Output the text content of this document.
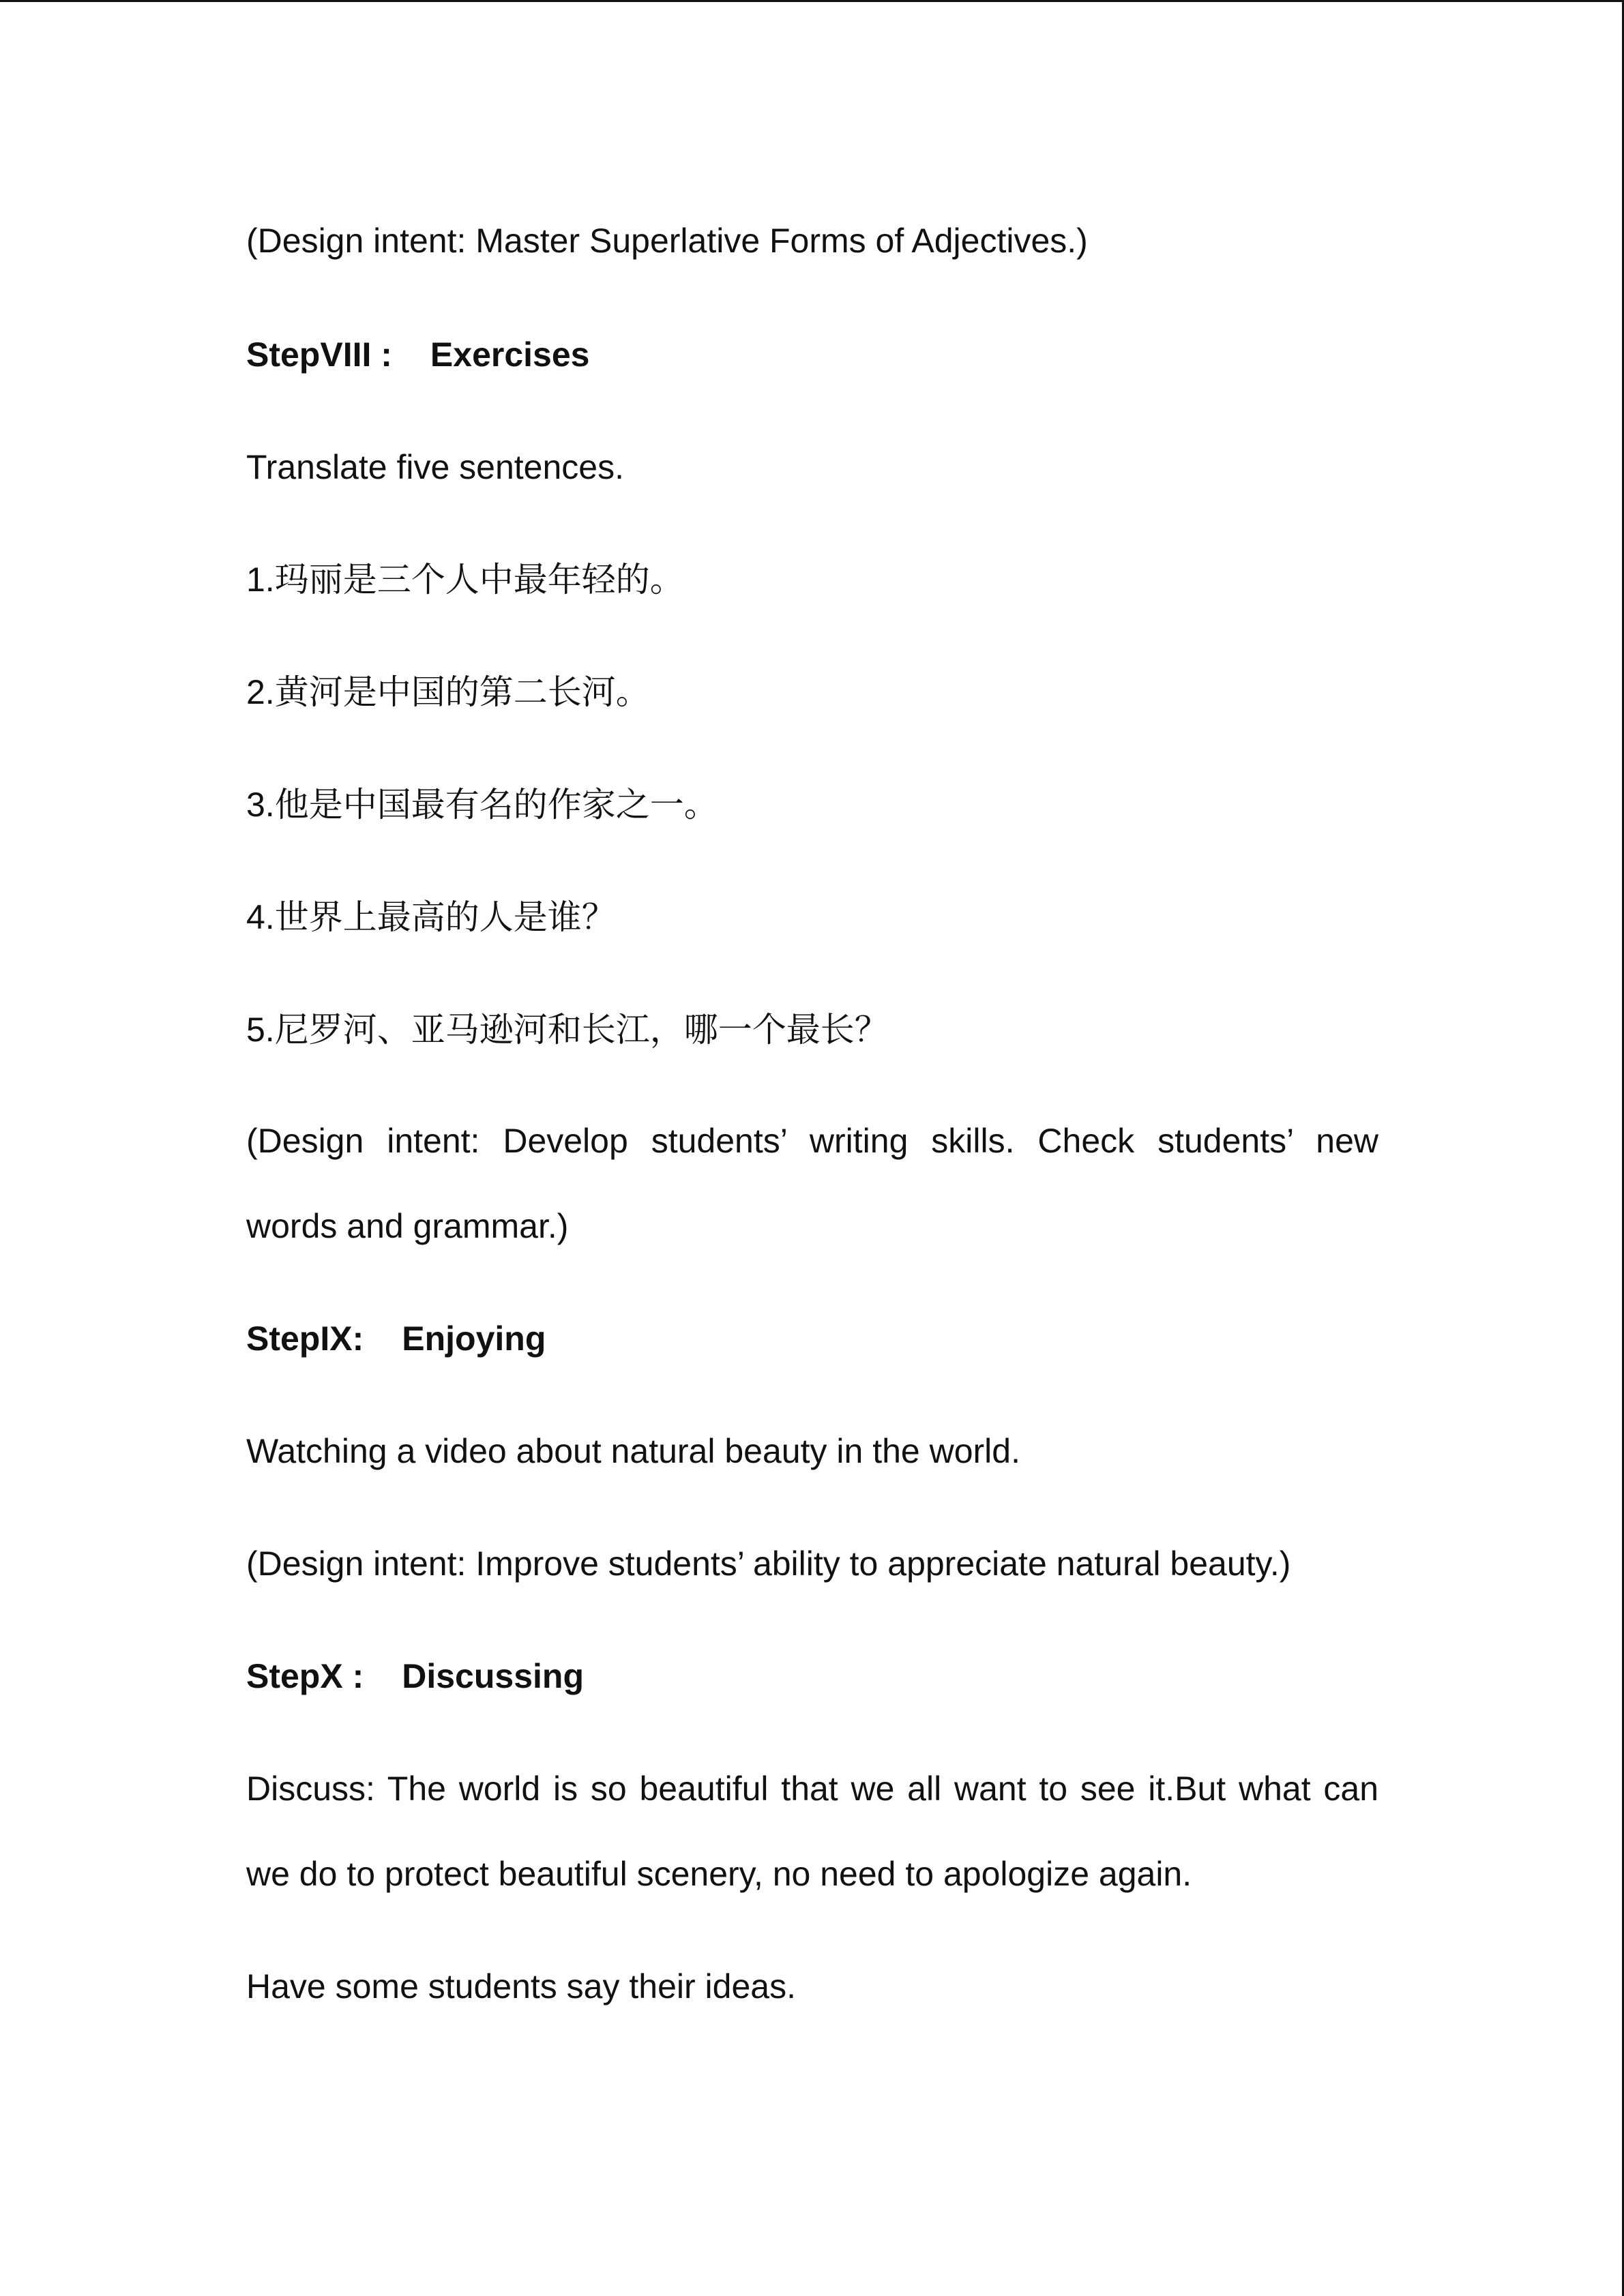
(Design intent: Master Superlative Forms of Adjectives.)
StepVIII : Exercises
Translate five sentences.
1.玛丽是三个人中最年轻的。
2.黄河是中国的第二长河。
3.他是中国最有名的作家之一。
4.世界上最高的人是谁？
5.尼罗河、亚马逊河和长江，哪一个最长？
(Design intent: Develop students’ writing skills. Check students’ new
words and grammar.)
StepIX: Enjoying
Watching a video about natural beauty in the world.
(Design intent: Improve students’ ability to appreciate natural beauty.)
StepX : Discussing
Discuss: The world is so beautiful that we all want to see it.But what can
we do to protect beautiful scenery, no need to apologize again.
Have some students say their ideas.
